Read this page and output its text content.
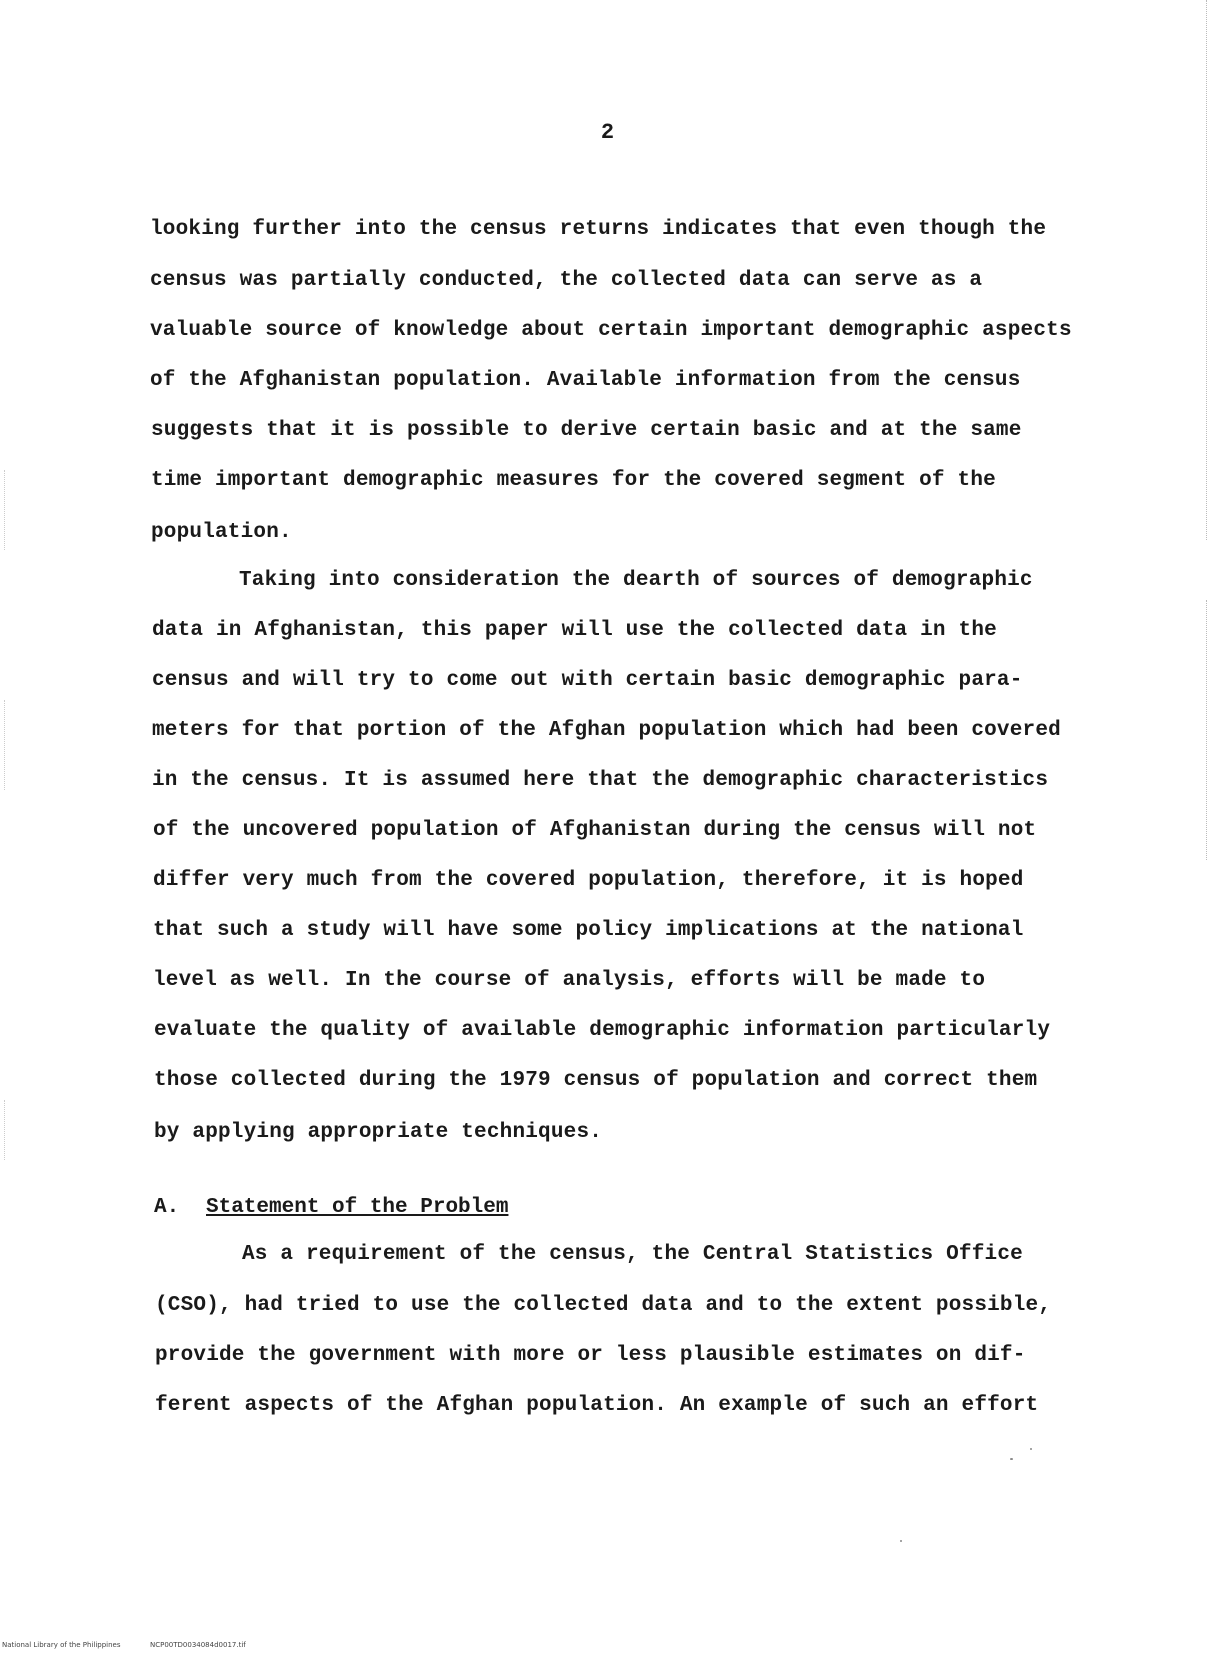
2
looking further into the census returns indicates that even though the
census was partially conducted, the collected data can serve as a
valuable source of knowledge about certain important demographic aspects
of the Afghanistan population. Available information from the census
suggests that it is possible to derive certain basic and at the same
time important demographic measures for the covered segment of the
population.
Taking into consideration the dearth of sources of demographic
data in Afghanistan, this paper will use the collected data in the
census and will try to come out with certain basic demographic para-
meters for that portion of the Afghan population which had been covered
in the census. It is assumed here that the demographic characteristics
of the uncovered population of Afghanistan during the census will not
differ very much from the covered population, therefore, it is hoped
that such a study will have some policy implications at the national
level as well. In the course of analysis, efforts will be made to
evaluate the quality of available demographic information particularly
those collected during the 1979 census of population and correct them
by applying appropriate techniques.
A. Statement of the Problem
As a requirement of the census, the Central Statistics Office
(CSO), had tried to use the collected data and to the extent possible,
provide the government with more or less plausible estimates on dif-
ferent aspects of the Afghan population. An example of such an effort
National Library of the Philippines	NCP00TD0034084d0017.tif
